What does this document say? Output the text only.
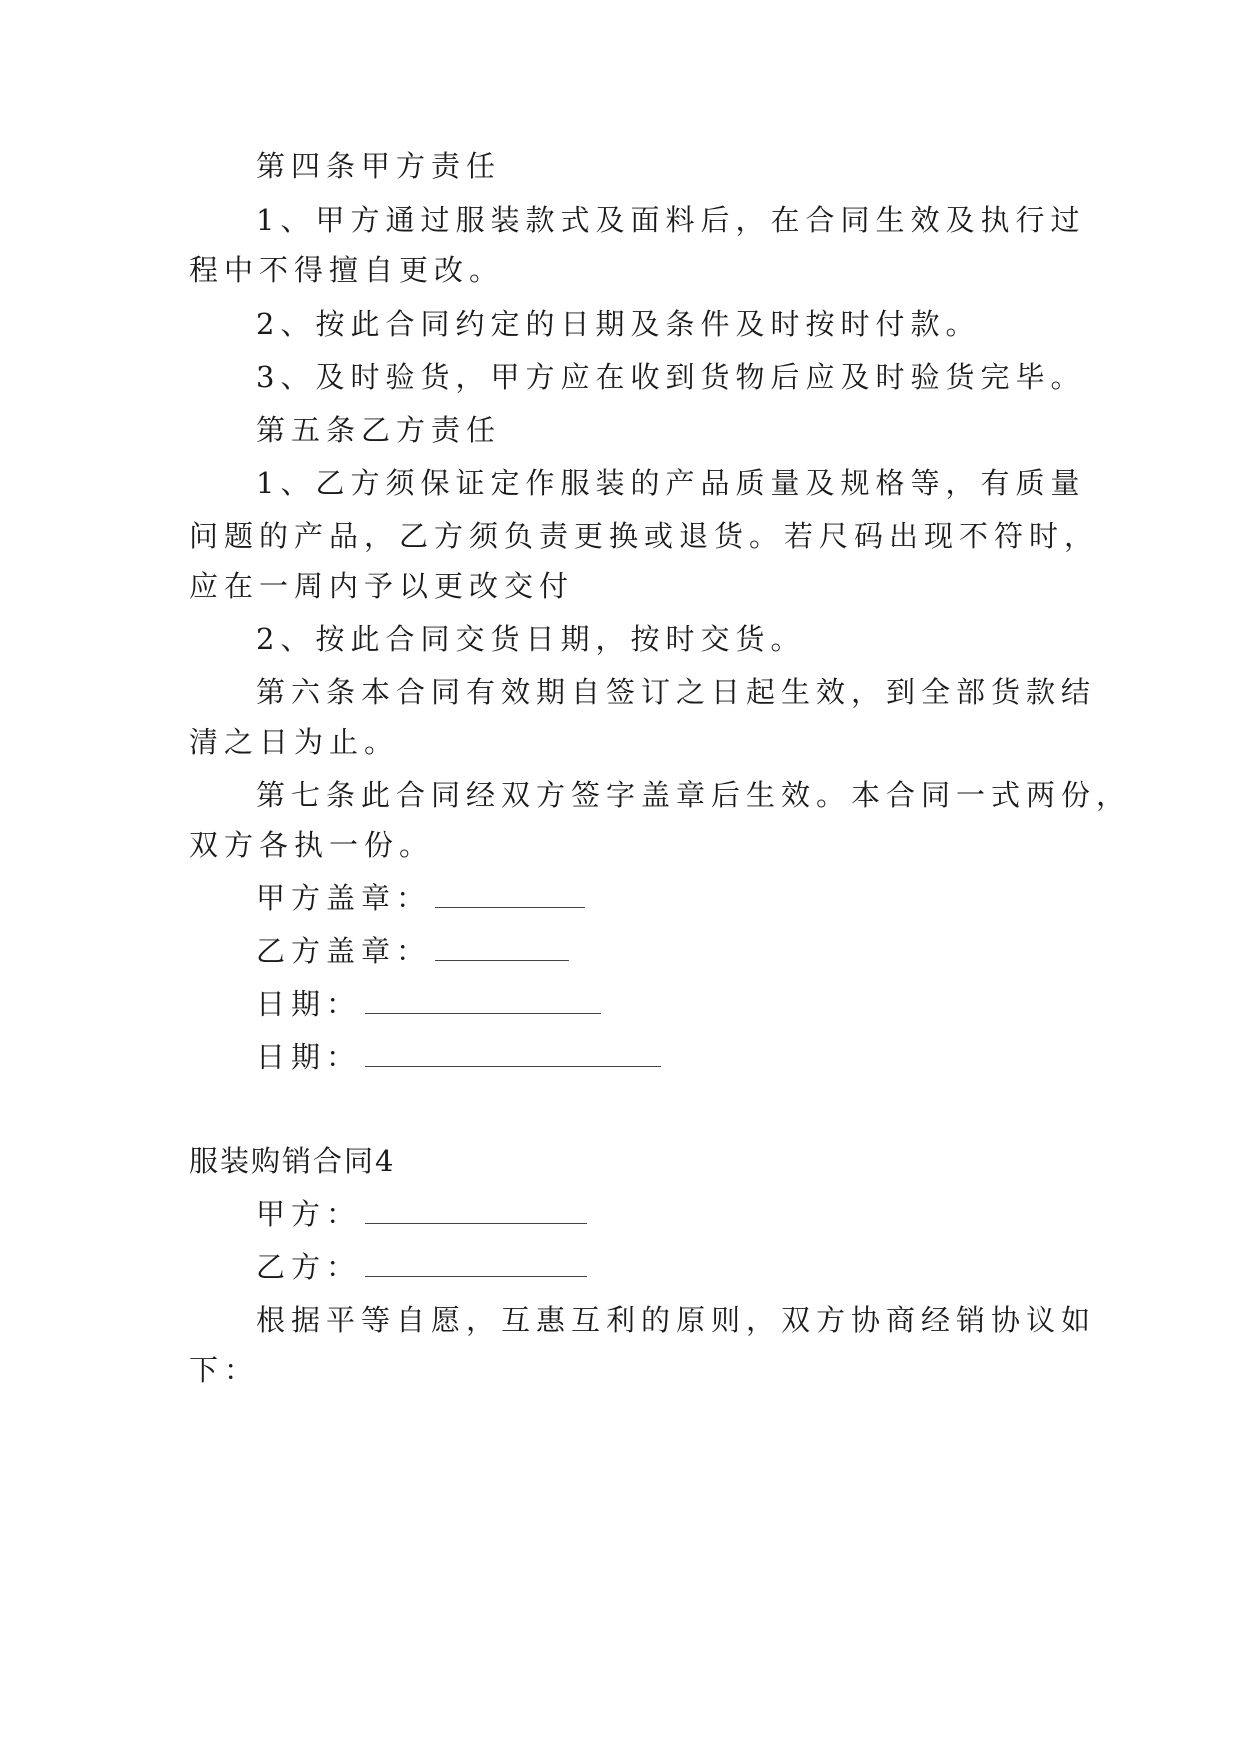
第四条甲方责任

1、甲方通过服装款式及面料后，在合同生效及执行过

程中不得擅自更改。

2、按此合同约定的日期及条件及时按时付款。

3、及时验货，甲方应在收到货物后应及时验货完毕。

第五条乙方责任

1、乙方须保证定作服装的产品质量及规格等，有质量

问题的产品，乙方须负责更换或退货。若尺码出现不符时，

应在一周内予以更改交付

2、按此合同交货日期，按时交货。

第六条本合同有效期自签订之日起生效，到全部货款结

清之日为止。

第七条此合同经双方签字盖章后生效。本合同一式两份，

双方各执一份。

甲方盖章：

乙方盖章：

日期：

日期：

服装购销合同4

甲方：

乙方：

根据平等自愿，互惠互利的原则，双方协商经销协议如

下：
